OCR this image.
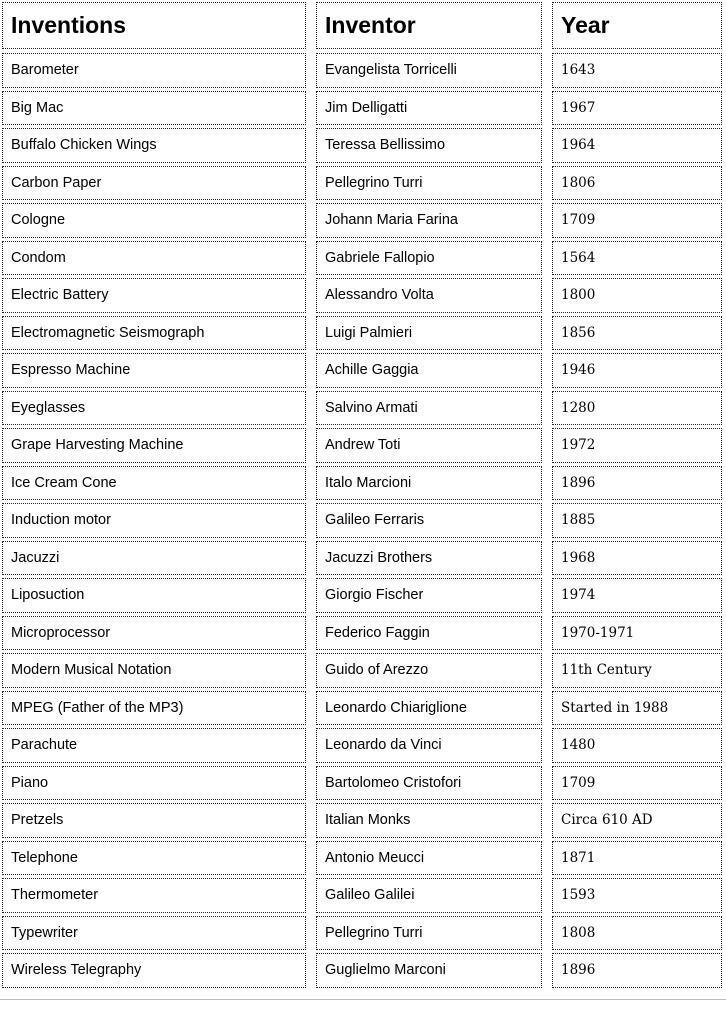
Inventions
Barometer
Big Mac
Buffalo Chicken Wings
Carbon Paper
Cologne
Condom
Electric Battery
Electromagnetic Seismograph
Espresso Machine
Eyeglasses
Grape Harvesting Machine
Ice Cream Cone
Induction motor
Jacuzzi
Liposuction
Microprocessor
Modern Musical Notation
MPEG (Father of the MP3)
Parachute
Piano
Pretzels
Telephone
Thermometer
Typewriter
Wireless Telegraphy
Inventor
Evangelista Torricelli
Jim Delligatti
Teressa Bellissimo
Pellegrino Turri
Johann Maria Farina
Gabriele Fallopio
Alessandro Volta
Luigi Palmieri
Achille Gaggia
Salvino Armati
Andrew Toti
Italo Marcioni
Galileo Ferraris
Jacuzzi Brothers
Giorgio Fischer
Federico Faggin
Guido of Arezzo
Leonardo Chiariglione
Leonardo da Vinci
Bartolomeo Cristofori
Italian Monks
Antonio Meucci
Galileo Galilei
Pellegrino Turri
Guglielmo Marconi
Year
1643
1967
1964
1806
1709
1564
1800
1856
1946
1280
1972
1896
1885
1968
1974
1970-1971
11th Century
Started in 1988
1480
1709
Circa 610 AD
1871
1593
1808
1896
